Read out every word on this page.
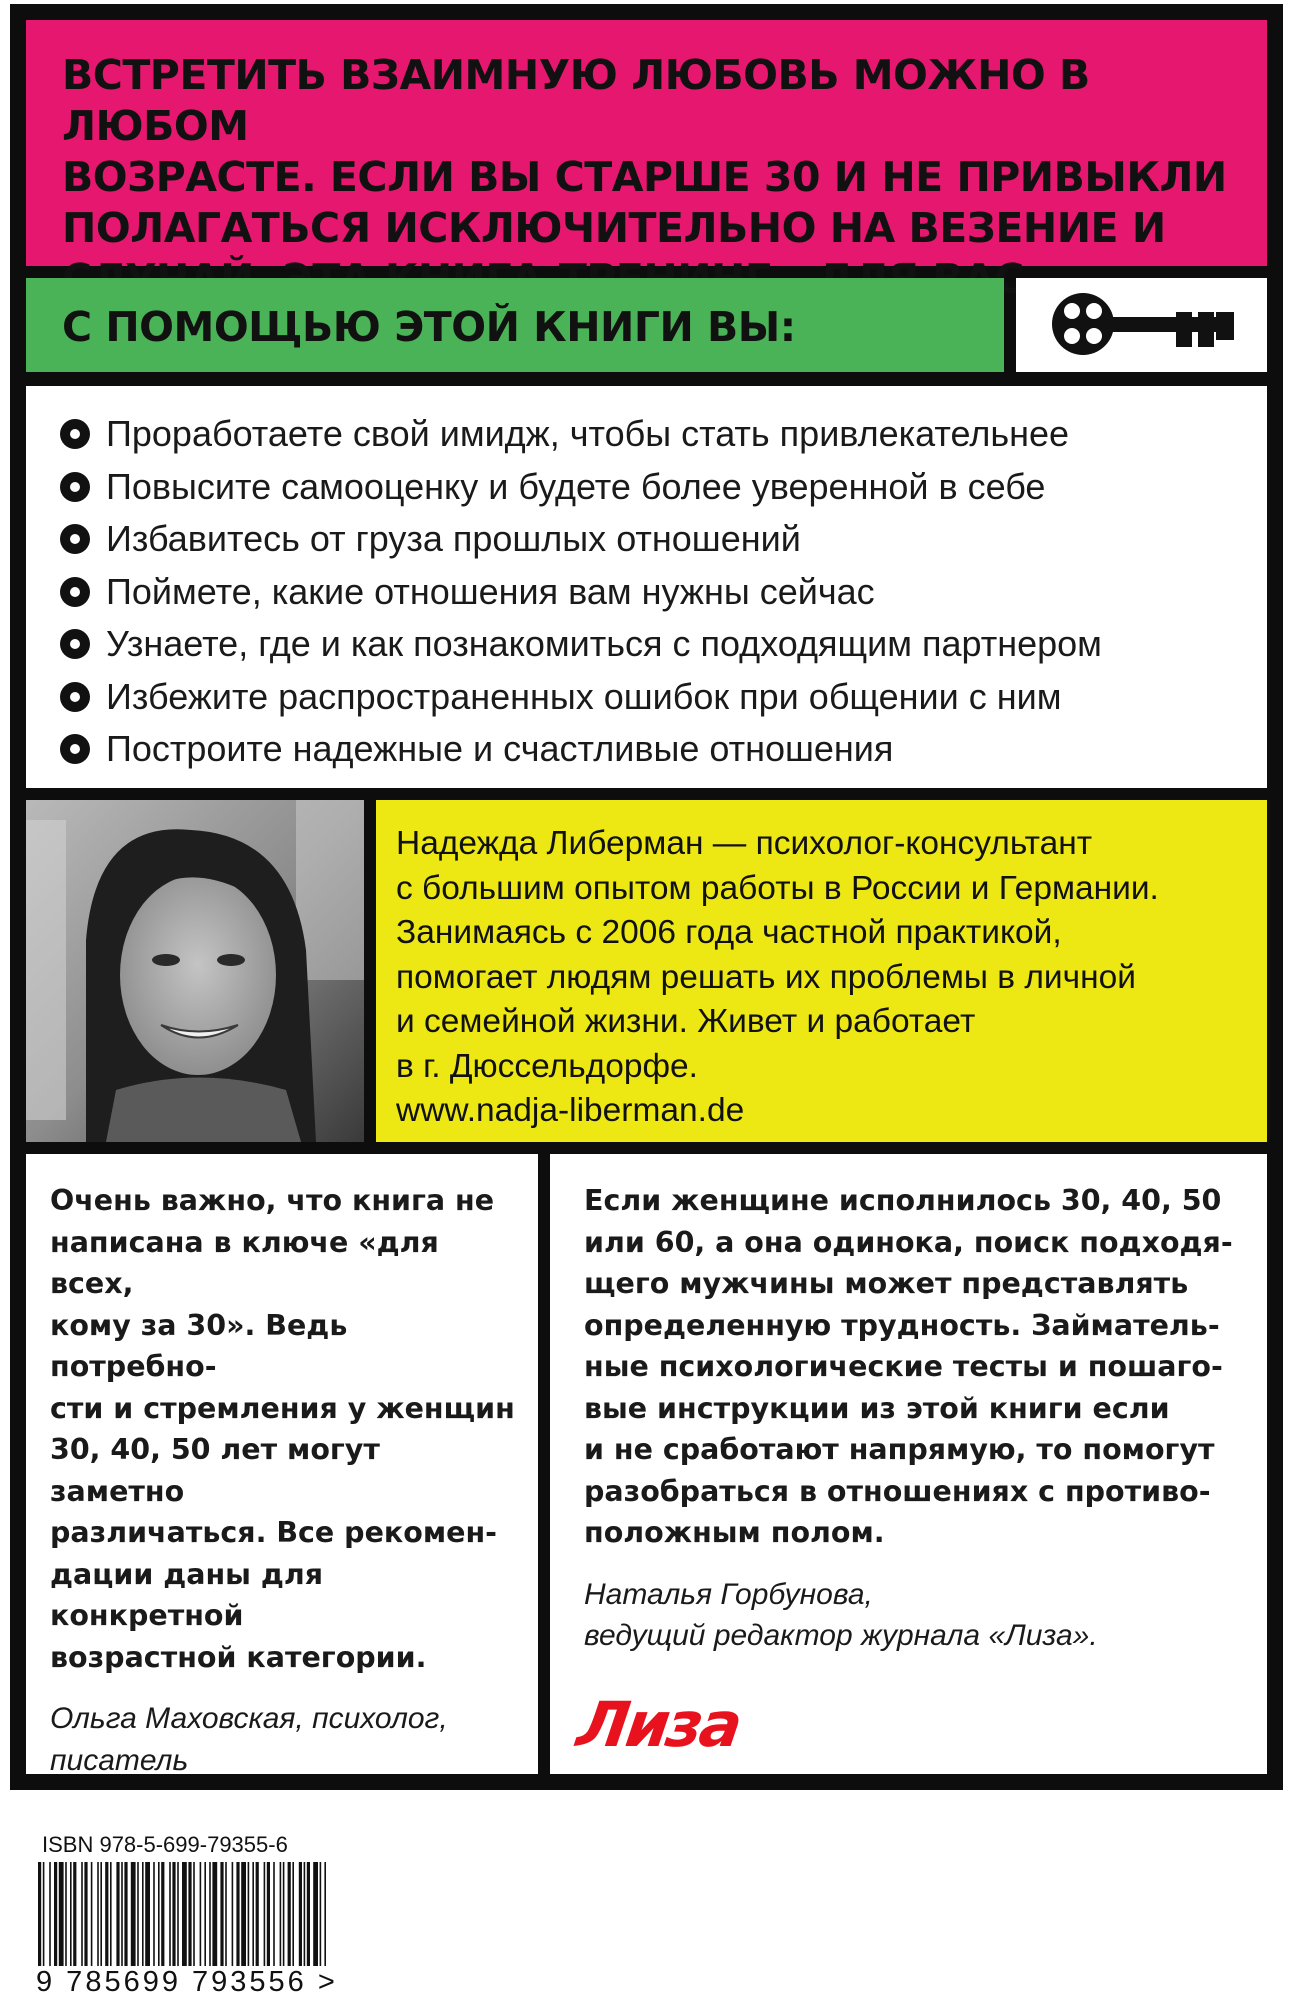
ВСТРЕТИТЬ ВЗАИМНУЮ ЛЮБОВЬ МОЖНО В ЛЮБОМ
ВОЗРАСТЕ. ЕСЛИ ВЫ СТАРШЕ 30 И НЕ ПРИВЫКЛИ
ПОЛАГАТЬСЯ ИСКЛЮЧИТЕЛЬНО НА ВЕЗЕНИЕ И
С ПОМОЩЬЮ ЭТОЙ КНИГИ ВЫ:
Проработаете свой имидж, чтобы стать привлекательнее
Повысите самооценку и будете более уверенной в себе
Избавитесь от груза прошлых отношений
Поймете, какие отношения вам нужны сейчас
Узнаете, где и как познакомиться с подходящим партнером
Избежите распространенных ошибок при общении с ним
Построите надежные и счастливые отношения

Надежда Либерман — психолог-консультант

с большим опытом работы в России и Германии.

Занимаясь с 2006 года частной практикой,

помогает людям решать их проблемы в личной

и семейной жизни. Живет и работает

в г. Дюссельдорфе.

www.nadja-liberman.de

Очень важно, что книга не

написана в ключе «для всех,

кому за 30». Ведь потребно-

сти и стремления у женщин

30, 40, 50 лет могут заметно

различаться. Все рекомен-

дации даны для конкретной

возрастной категории.

Ольга Маховская, психолог,
писатель

Если женщине исполнилось 30, 40, 50

или 60, а она одинока, поиск подходя-

щего мужчины может представлять

определенную трудность. Займатель-

ные психологические тесты и пошаго-

вые инструкции из этой книги если

и не сработают напрямую, то помогут

разобраться в отношениях с противо-

положным полом.

Наталья Горбунова,
ведущий редактор журнала «Лиза».

Лиза
ISBN 978-5-699-79355-6
9 785699 793556 >
